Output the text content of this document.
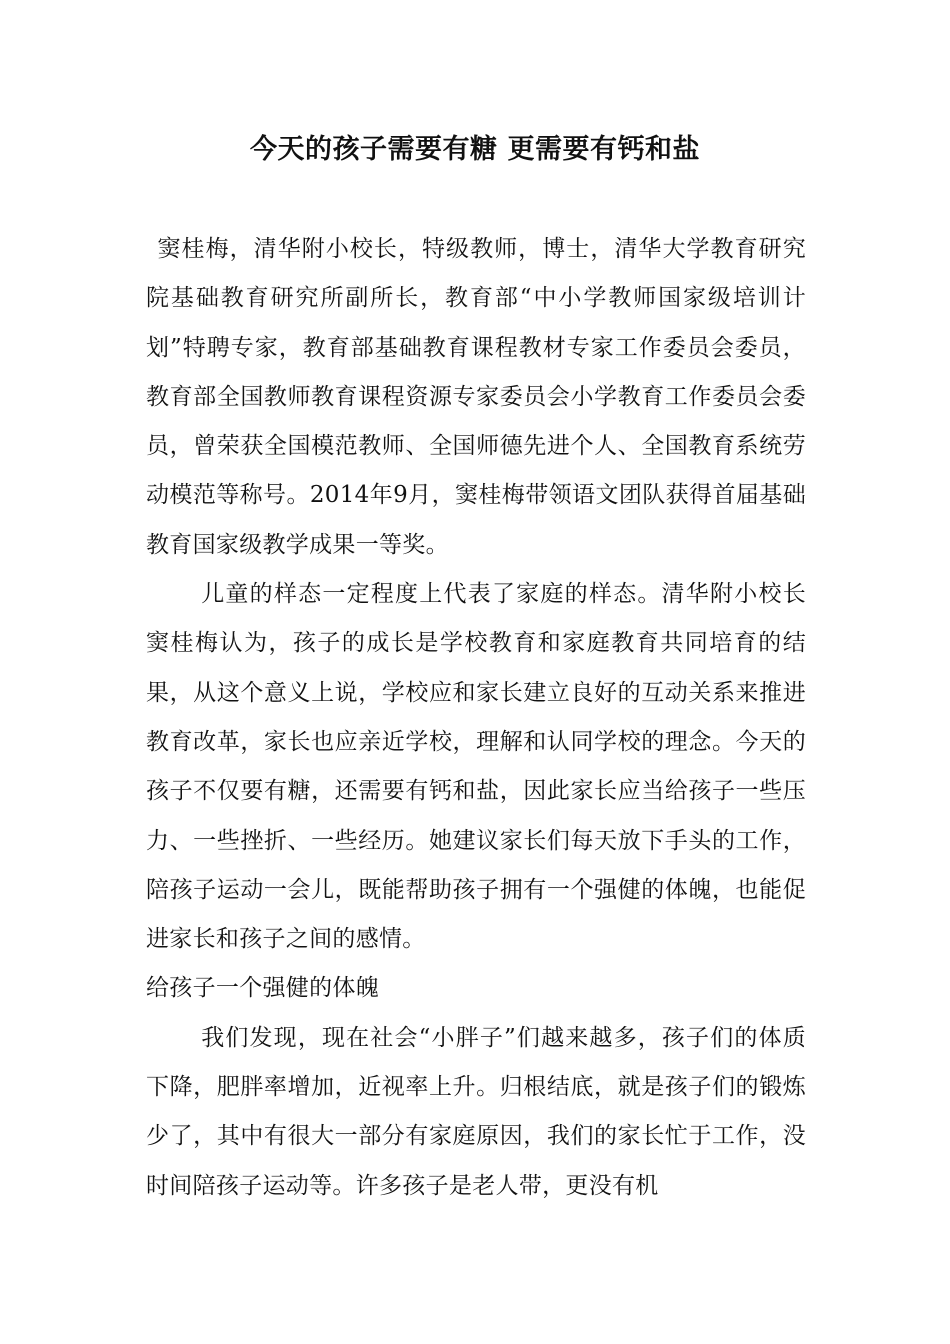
今天的孩子需要有糖 更需要有钙和盐

窦桂梅，清华附小校长，特级教师，博士，清华大学教育研究院基础教育研究所副所长，教育部“中小学教师国家级培训计划”特聘专家，教育部基础教育课程教材专家工作委员会委员，教育部全国教师教育课程资源专家委员会小学教育工作委员会委员，曾荣获全国模范教师、全国师德先进个人、全国教育系统劳动模范等称号。2014年9月，窦桂梅带领语文团队获得首届基础教育国家级教学成果一等奖。

儿童的样态一定程度上代表了家庭的样态。清华附小校长窦桂梅认为，孩子的成长是学校教育和家庭教育共同培育的结果，从这个意义上说，学校应和家长建立良好的互动关系来推进教育改革，家长也应亲近学校，理解和认同学校的理念。今天的孩子不仅要有糖，还需要有钙和盐，因此家长应当给孩子一些压力、一些挫折、一些经历。她建议家长们每天放下手头的工作，陪孩子运动一会儿，既能帮助孩子拥有一个强健的体魄，也能促进家长和孩子之间的感情。

给孩子一个强健的体魄

我们发现，现在社会“小胖子”们越来越多，孩子们的体质下降，肥胖率增加，近视率上升。归根结底，就是孩子们的锻炼少了，其中有很大一部分有家庭原因，我们的家长忙于工作，没时间陪孩子运动等。许多孩子是老人带，更没有机
